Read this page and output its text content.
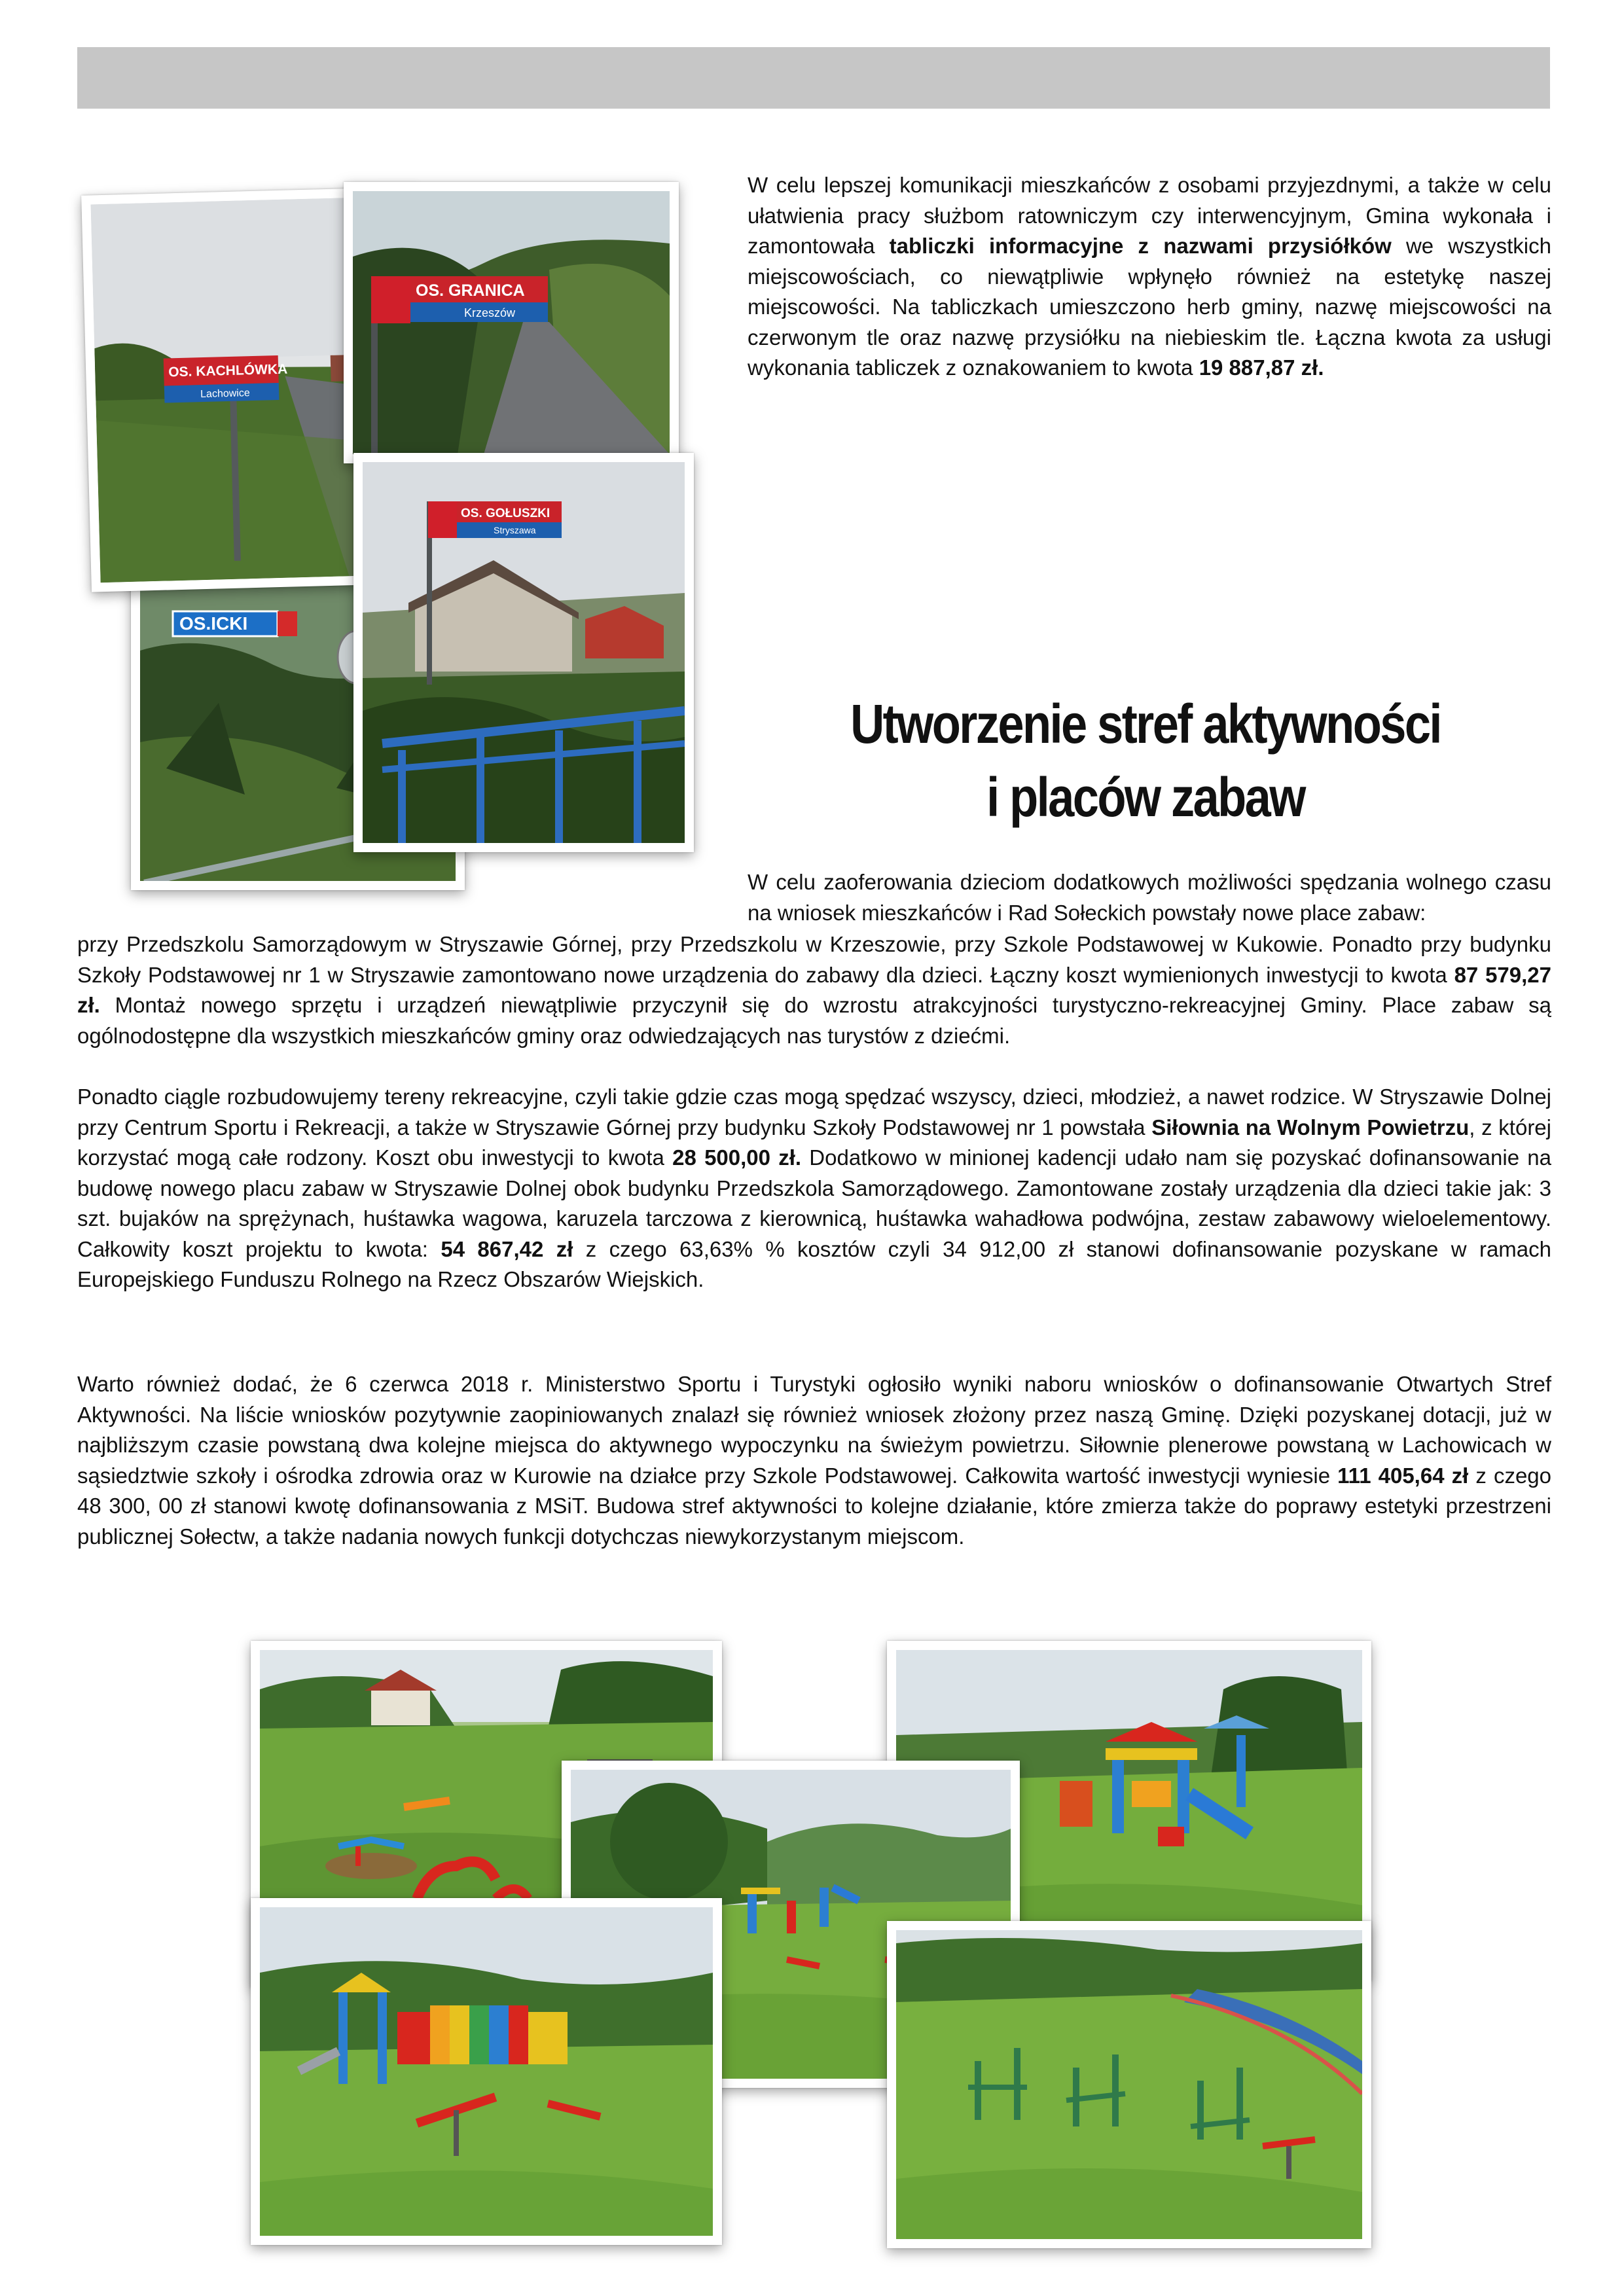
W celu lepszej komunikacji mieszkańców z osobami przyjezdnymi, a także w celu ułatwienia pracy służbom ratowniczym czy interwencyjnym, Gmina wykonała i zamontowała tabliczki informacyjne z nazwami przysiółków we wszystkich miejscowościach, co niewątpliwie wpłynęło również na estetykę naszej miejscowości. Na tabliczkach umieszczono herb gminy, nazwę miejscowości na czerwonym tle oraz nazwę przysiółku na niebieskim tle. Łączna kwota za usługi wykonania tabliczek z oznakowaniem to kwota 19 887,87 zł.

Utworzenie stref aktywności
i placów zabaw

W celu zaoferowania dzieciom dodatkowych możliwości spędzania wolnego czasu na wniosek mieszkańców i Rad Sołeckich powstały nowe place zabaw:

przy Przedszkolu Samorządowym w Stryszawie Górnej, przy Przedszkolu w Krzeszowie, przy Szkole Podstawowej w Kukowie. Ponadto przy budynku Szkoły Podstawowej nr 1 w Stryszawie zamontowano nowe urządzenia do zabawy dla dzieci. Łączny koszt wymienionych inwestycji to kwota 87 579,27 zł. Montaż nowego sprzętu i urządzeń niewątpliwie przyczynił się do wzrostu atrakcyjności turystyczno-rekreacyjnej Gminy. Place zabaw są ogólnodostępne dla wszystkich mieszkańców gminy oraz odwiedzających nas turystów z dziećmi.

Ponadto ciągle rozbudowujemy tereny rekreacyjne, czyli takie gdzie czas mogą spędzać wszyscy, dzieci, młodzież, a nawet rodzice. W Stryszawie Dolnej przy Centrum Sportu i Rekreacji, a także w Stryszawie Górnej przy budynku Szkoły Podstawowej nr 1 powstała Siłownia na Wolnym Powietrzu, z której korzystać mogą całe rodzony. Koszt obu inwestycji to kwota 28 500,00 zł. Dodatkowo w minionej kadencji udało nam się pozyskać dofinansowanie na budowę nowego placu zabaw w Stryszawie Dolnej obok budynku Przedszkola Samorządowego. Zamontowane zostały urządzenia dla dzieci takie jak: 3 szt. bujaków na sprężynach, huśtawka wagowa, karuzela tarczowa z kierownicą, huśtawka wahadłowa podwójna, zestaw zabawowy wieloelementowy. Całkowity koszt projektu to kwota: 54 867,42 zł z czego 63,63% % kosztów czyli 34 912,00 zł stanowi dofinansowanie pozyskane w ramach Europejskiego Funduszu Rolnego na Rzecz Obszarów Wiejskich.

Warto również dodać, że 6 czerwca 2018 r. Ministerstwo Sportu i Turystyki ogłosiło wyniki naboru wniosków o dofinansowanie Otwartych Stref Aktywności. Na liście wniosków pozytywnie zaopiniowanych znalazł się również wniosek złożony przez naszą Gminę. Dzięki pozyskanej dotacji, już w najbliższym czasie powstaną dwa kolejne miejsca do aktywnego wypoczynku na świeżym powietrzu. Siłownie plenerowe powstaną w Lachowicach w sąsiedztwie szkoły i ośrodka zdrowia oraz w Kurowie na działce przy Szkole Podstawowej. Całkowita wartość inwestycji wyniesie 111 405,64 zł z czego 48 300, 00 zł stanowi kwotę dofinansowania z MSiT. Budowa stref aktywności to kolejne działanie, które zmierza także do poprawy estetyki przestrzeni publicznej Sołectw, a także nadania nowych funkcji dotychczas niewykorzystanym miejscom.

OS.ICKI
OS. KACHLÓWKA
Lachowice
OS. GRANICA
Krzeszów
OS. GOŁUSZKI
Stryszawa
